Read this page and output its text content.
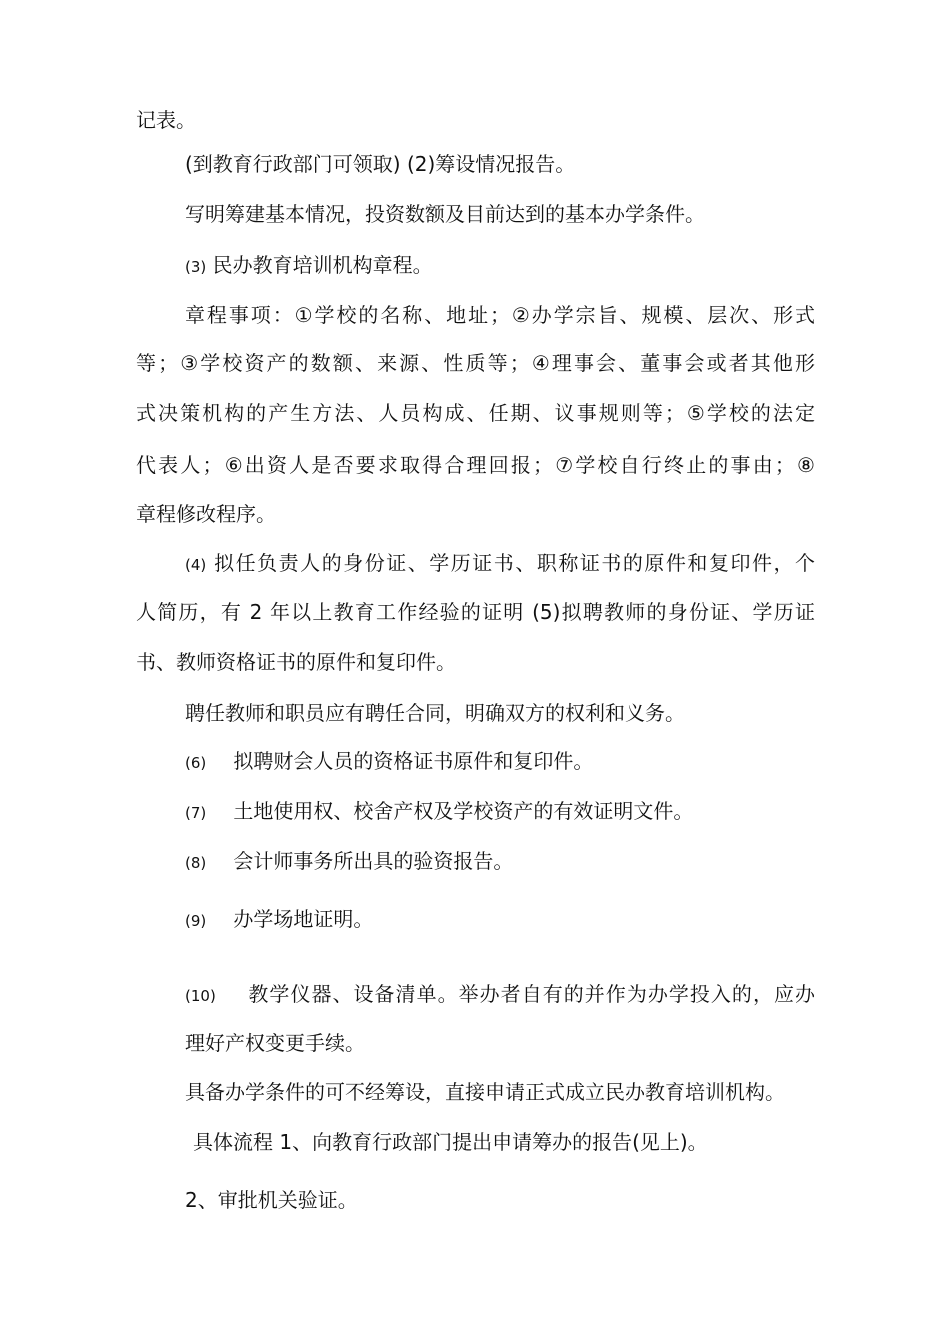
记表。
(到教育行政部门可领取) (2)筹设情况报告。
写明筹建基本情况，投资数额及目前达到的基本办学条件。
(3) 民办教育培训机构章程。
章程事项：①学校的名称、地址；②办学宗旨、规模、层次、形式
等；③学校资产的数额、来源、性质等；④理事会、董事会或者其他形
式决策机构的产生方法、人员构成、任期、议事规则等；⑤学校的法定
代表人；⑥出资人是否要求取得合理回报；⑦学校自行终止的事由；⑧
章程修改程序。
(4) 拟任负责人的身份证、学历证书、职称证书的原件和复印件，个
人简历，有 2 年以上教育工作经验的证明 (5)拟聘教师的身份证、学历证
书、教师资格证书的原件和复印件。
聘任教师和职员应有聘任合同，明确双方的权利和义务。
(6) 拟聘财会人员的资格证书原件和复印件。
(7) 土地使用权、校舍产权及学校资产的有效证明文件。
(8) 会计师事务所出具的验资报告。
(9) 办学场地证明。
(10) 教学仪器、设备清单。举办者自有的并作为办学投入的，应办
理好产权变更手续。
具备办学条件的可不经筹设，直接申请正式成立民办教育培训机构。
具体流程 1、向教育行政部门提出申请筹办的报告(见上)。
2、审批机关验证。
